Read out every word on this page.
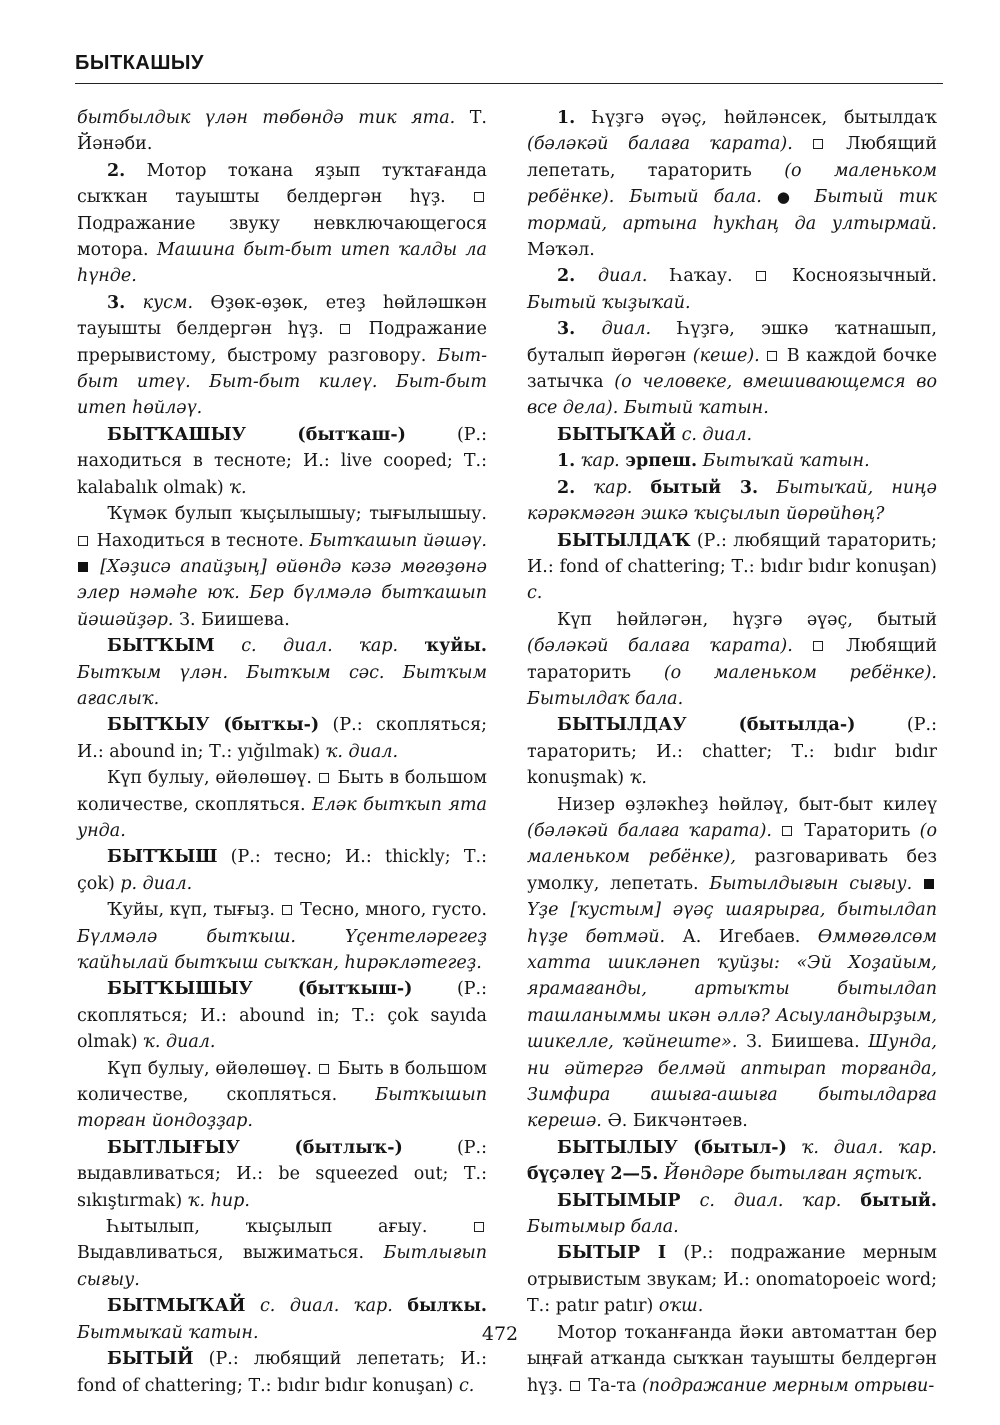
БЫТКАШЫУ

бытбылдык үлән төбөндә тик ята. Т. Йәнәби.

2. Мотор тоҡана яҙып туҡтағанда сыҡҡан тауышты белдергән һүҙ.  Подражание звуку невключающегося мотора. Машина быт-быт итеп ҡалды ла һүнде.

3. кусм. Өҙөк-өҙөк, етеҙ һөйләшкән тауышты белдергән һүҙ.  Подражание прерывистому, быстрому разговору. Быт-быт итеү. Быт-быт килеү. Быт-быт итеп һөйләү.

БЫТҠАШЫУ (бытҡаш-) (Р.: находиться в тесноте; И.: live cooped; Т.: kalabalık olmak) ҡ.

Ҡүмәк булып ҡыҫылышыу; тығылышыу.  Находиться в тесноте. Бытҡашып йәшәү.  [Хәҙисә апайҙың] өйөндә кәзә мөгөҙөнә элер нәмәһе юҡ. Бер бүлмәлә бытҡашып йәшәйҙәр. З. Биишева.

БЫТҠЫМ с. диал. ҡар. ҡуйы. Бытҡым үлән. Бытҡым сәс. Бытҡым ағаслыҡ.

БЫТҠЫУ (бытҡы-) (Р.: скопляться; И.: abound in; Т.: yığılmak) ҡ. диал.

Күп булыу, өйөлөшөү.  Быть в большом количестве, скопляться. Еләк бытҡып ята унда.

БЫТҠЫШ (Р.: тесно; И.: thickly; Т.: çok) р. диал.

Ҡуйы, күп, тығыҙ.  Тесно, много, густо. Бүлмәлә бытҡыш. Үҫентеләрегеҙ ҡайһылай бытҡыш сыҡҡан, һирәкләтегеҙ.

БЫТҠЫШЫУ (бытҡыш-) (Р.: скопляться; И.: abound in; Т.: çok sayıda olmak) ҡ. диал.

Күп булыу, өйөлөшөү.  Быть в большом количестве, скопляться. Бытҡышып торған йондоҙҙар.

БЫТЛЫҒЫУ (бытлыҡ-) (Р.: выдавливаться; И.: be squeezed out; Т.: sıkıştırmak) ҡ. һир.

Һытылып, ҡыҫылып ағыу.  Выдавливаться, выжиматься. Бытлығып сығыу.

БЫТМЫҠАЙ с. диал. ҡар. былҡы. Бытмыҡай ҡатын.

БЫТЫЙ (Р.: любящий лепетать; И.: fond of chattering; Т.: bıdır bıdır konuşan) с.

1. Һүҙгә әүәҫ, һөйләнсек, бытылдаҡ (бәләкәй балаға ҡарата).  Любящий лепетать, тараторить (о маленьком ребёнке). Бытый бала. ● Бытый тик тормай, артына һукһаң да ултырмай. Мәҡәл.

2. диал. Һаҡау.  Косноязычный. Бытый ҡыҙыҡай.

3. диал. Һүҙгә, эшкә ҡатнашып, буталып йөрөгән (кеше).  В каждой бочке затычка (о человеке, вмешивающемся во все дела). Бытый ҡатын.

БЫТЫҠАЙ с. диал.

1. ҡар. эрпеш. Бытыҡай ҡатын.

2. ҡар. бытый 3. Бытыҡай, ниңә кәрәкмәгән эшкә ҡыҫылып йөрөйһөң?

БЫТЫЛДАҠ (Р.: любящий тараторить; И.: fond of chattering; Т.: bıdır bıdır konuşan) с.

Күп һөйләгән, һүҙгә әүәҫ, бытый (бәләкәй балаға ҡарата).  Любящий тараторить (о маленьком ребёнке). Бытылдаҡ бала.

БЫТЫЛДАУ (бытылда-) (Р.: тараторить; И.: chatter; Т.: bıdır bıdır konuşmak) ҡ.

Низер өҙләкһеҙ һөйләү, быт-быт килеү (бәләкәй балаға ҡарата).  Тараторить (о маленьком ребёнке), разговаривать без умолку, лепетать. Бытылдығын сығыу.  Үҙе [ҡустым] әүәҫ шаярырға, бытылдап һүҙе бөтмәй. А. Игебаев. Өммөгөлсөм хатта шикләнеп ҡуйҙы: «Эй Хоҙайым, ярамағанды, артыҡты бытылдап ташланыммы икән әллә? Асыуландырҙым, шикелле, ҡәйнеште». З. Биишева. Шунда, ни әйтергә белмәй аптырап торғанда, Зимфира ашыға-ашыға бытылдарға керешә. Ә. Бикчәнтәев.

БЫТЫЛЫУ (бытыл-) ҡ. диал. ҡар. бүҫәлеү 2—5. Йөндәре бытылған яҫтыҡ.

БЫТЫМЫР с. диал. ҡар. бытый. Бытымыр бала.

БЫТЫР I (Р.: подражание мерным отрывистым звукам; И.: onomatopoeic word; Т.: patır patır) оҡш.

Мотор тоҡанғанда йәки автоматтан бер ыңғай атҡанда сыҡҡан тауышты белдергән һүҙ.  Та-та (подражание мерным отрыви-

472
